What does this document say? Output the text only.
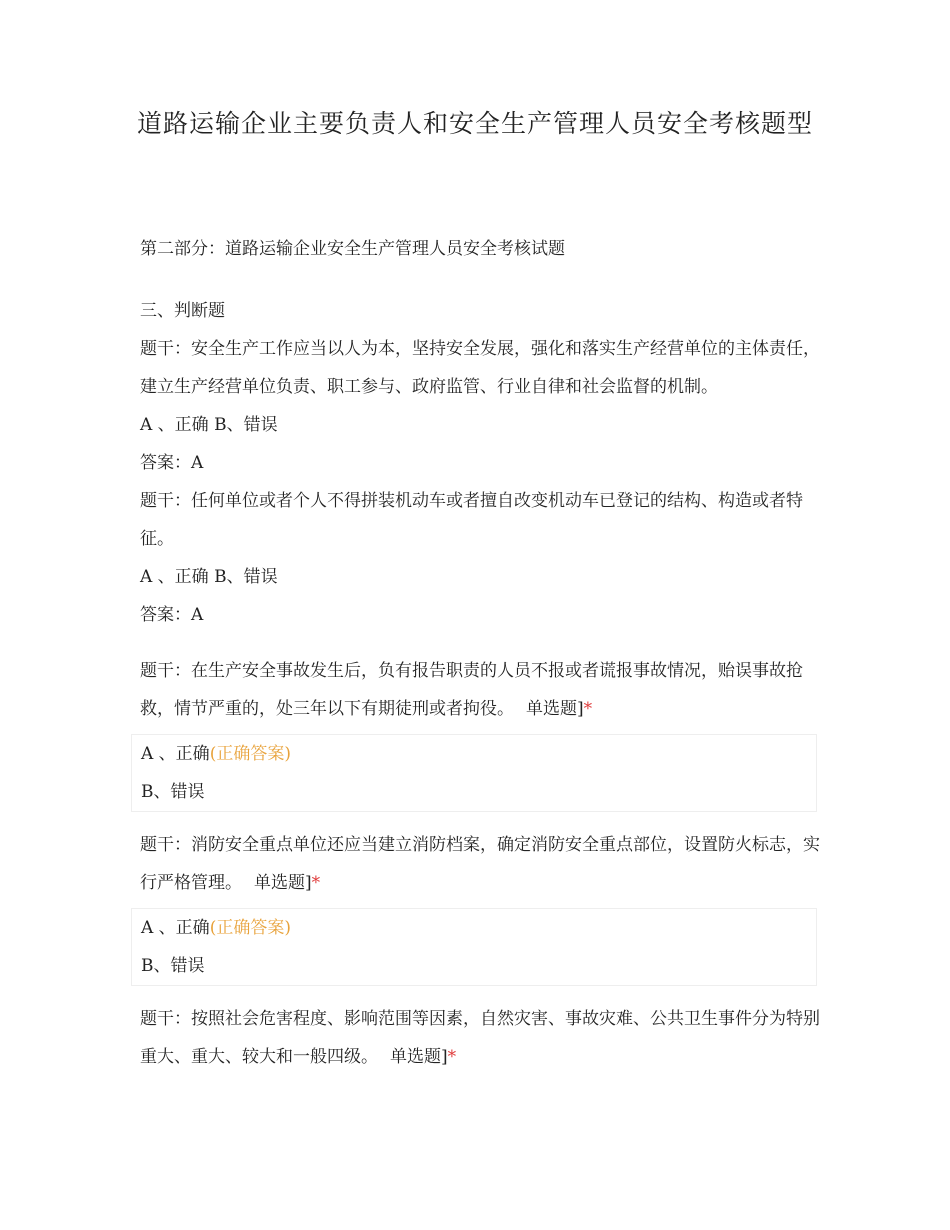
道路运输企业主要负责人和安全生产管理人员安全考核题型
第二部分：道路运输企业安全生产管理人员安全考核试题
三、判断题
题干：安全生产工作应当以人为本，坚持安全发展，强化和落实生产经营单位的主体责任，建立生产经营单位负责、职工参与、政府监管、行业自律和社会监督的机制。
A 、正确 B、错误
答案：A
题干：任何单位或者个人不得拼装机动车或者擅自改变机动车已登记的结构、构造或者特征。
A 、正确 B、错误
答案：A
题干：在生产安全事故发生后，负有报告职责的人员不报或者谎报事故情况，贻误事故抢救，情节严重的，处三年以下有期徒刑或者拘役。 单选题]*
A 、正确(正确答案)
B、错误
题干：消防安全重点单位还应当建立消防档案，确定消防安全重点部位，设置防火标志，实行严格管理。 单选题]*
A 、正确(正确答案)
B、错误
题干：按照社会危害程度、影响范围等因素，自然灾害、事故灾难、公共卫生事件分为特别重大、重大、较大和一般四级。 单选题]*
